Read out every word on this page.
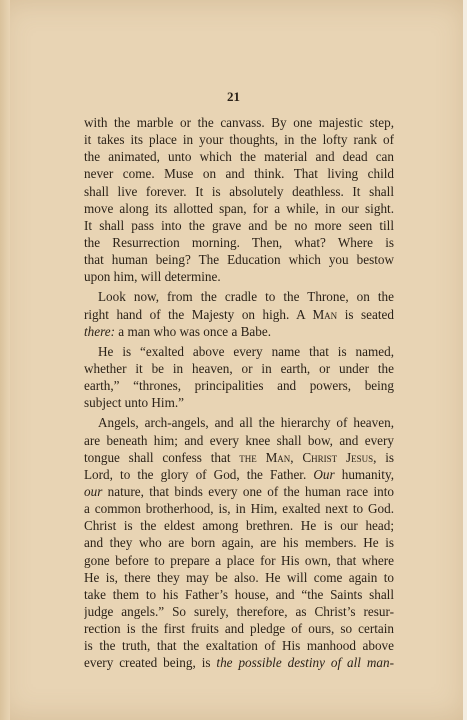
21
with the marble or the canvass. By one majestic step,
it takes its place in your thoughts, in the lofty rank of
the animated, unto which the material and dead can
never come. Muse on and think. That living child
shall live forever. It is absolutely deathless. It shall
move along its allotted span, for a while, in our sight.
It shall pass into the grave and be no more seen till
the Resurrection morning. Then, what? Where is
that human being? The Education which you bestow
upon him, will determine.
Look now, from the cradle to the Throne, on the
right hand of the Majesty on high. A Man is seated
there: a man who was once a Babe.
He is “exalted above every name that is named,
whether it be in heaven, or in earth, or under the
earth,” “thrones, principalities and powers, being
subject unto Him.”
Angels, arch-angels, and all the hierarchy of heaven,
are beneath him; and every knee shall bow, and every
tongue shall confess that the Man, Christ Jesus, is
Lord, to the glory of God, the Father. Our humanity,
our nature, that binds every one of the human race into
a common brotherhood, is, in Him, exalted next to God.
Christ is the eldest among brethren. He is our head;
and they who are born again, are his members. He is
gone before to prepare a place for His own, that where
He is, there they may be also. He will come again to
take them to his Father’s house, and “the Saints shall
judge angels.” So surely, therefore, as Christ’s resur-
rection is the first fruits and pledge of ours, so certain
is the truth, that the exaltation of His manhood above
every created being, is the possible destiny of all man-
